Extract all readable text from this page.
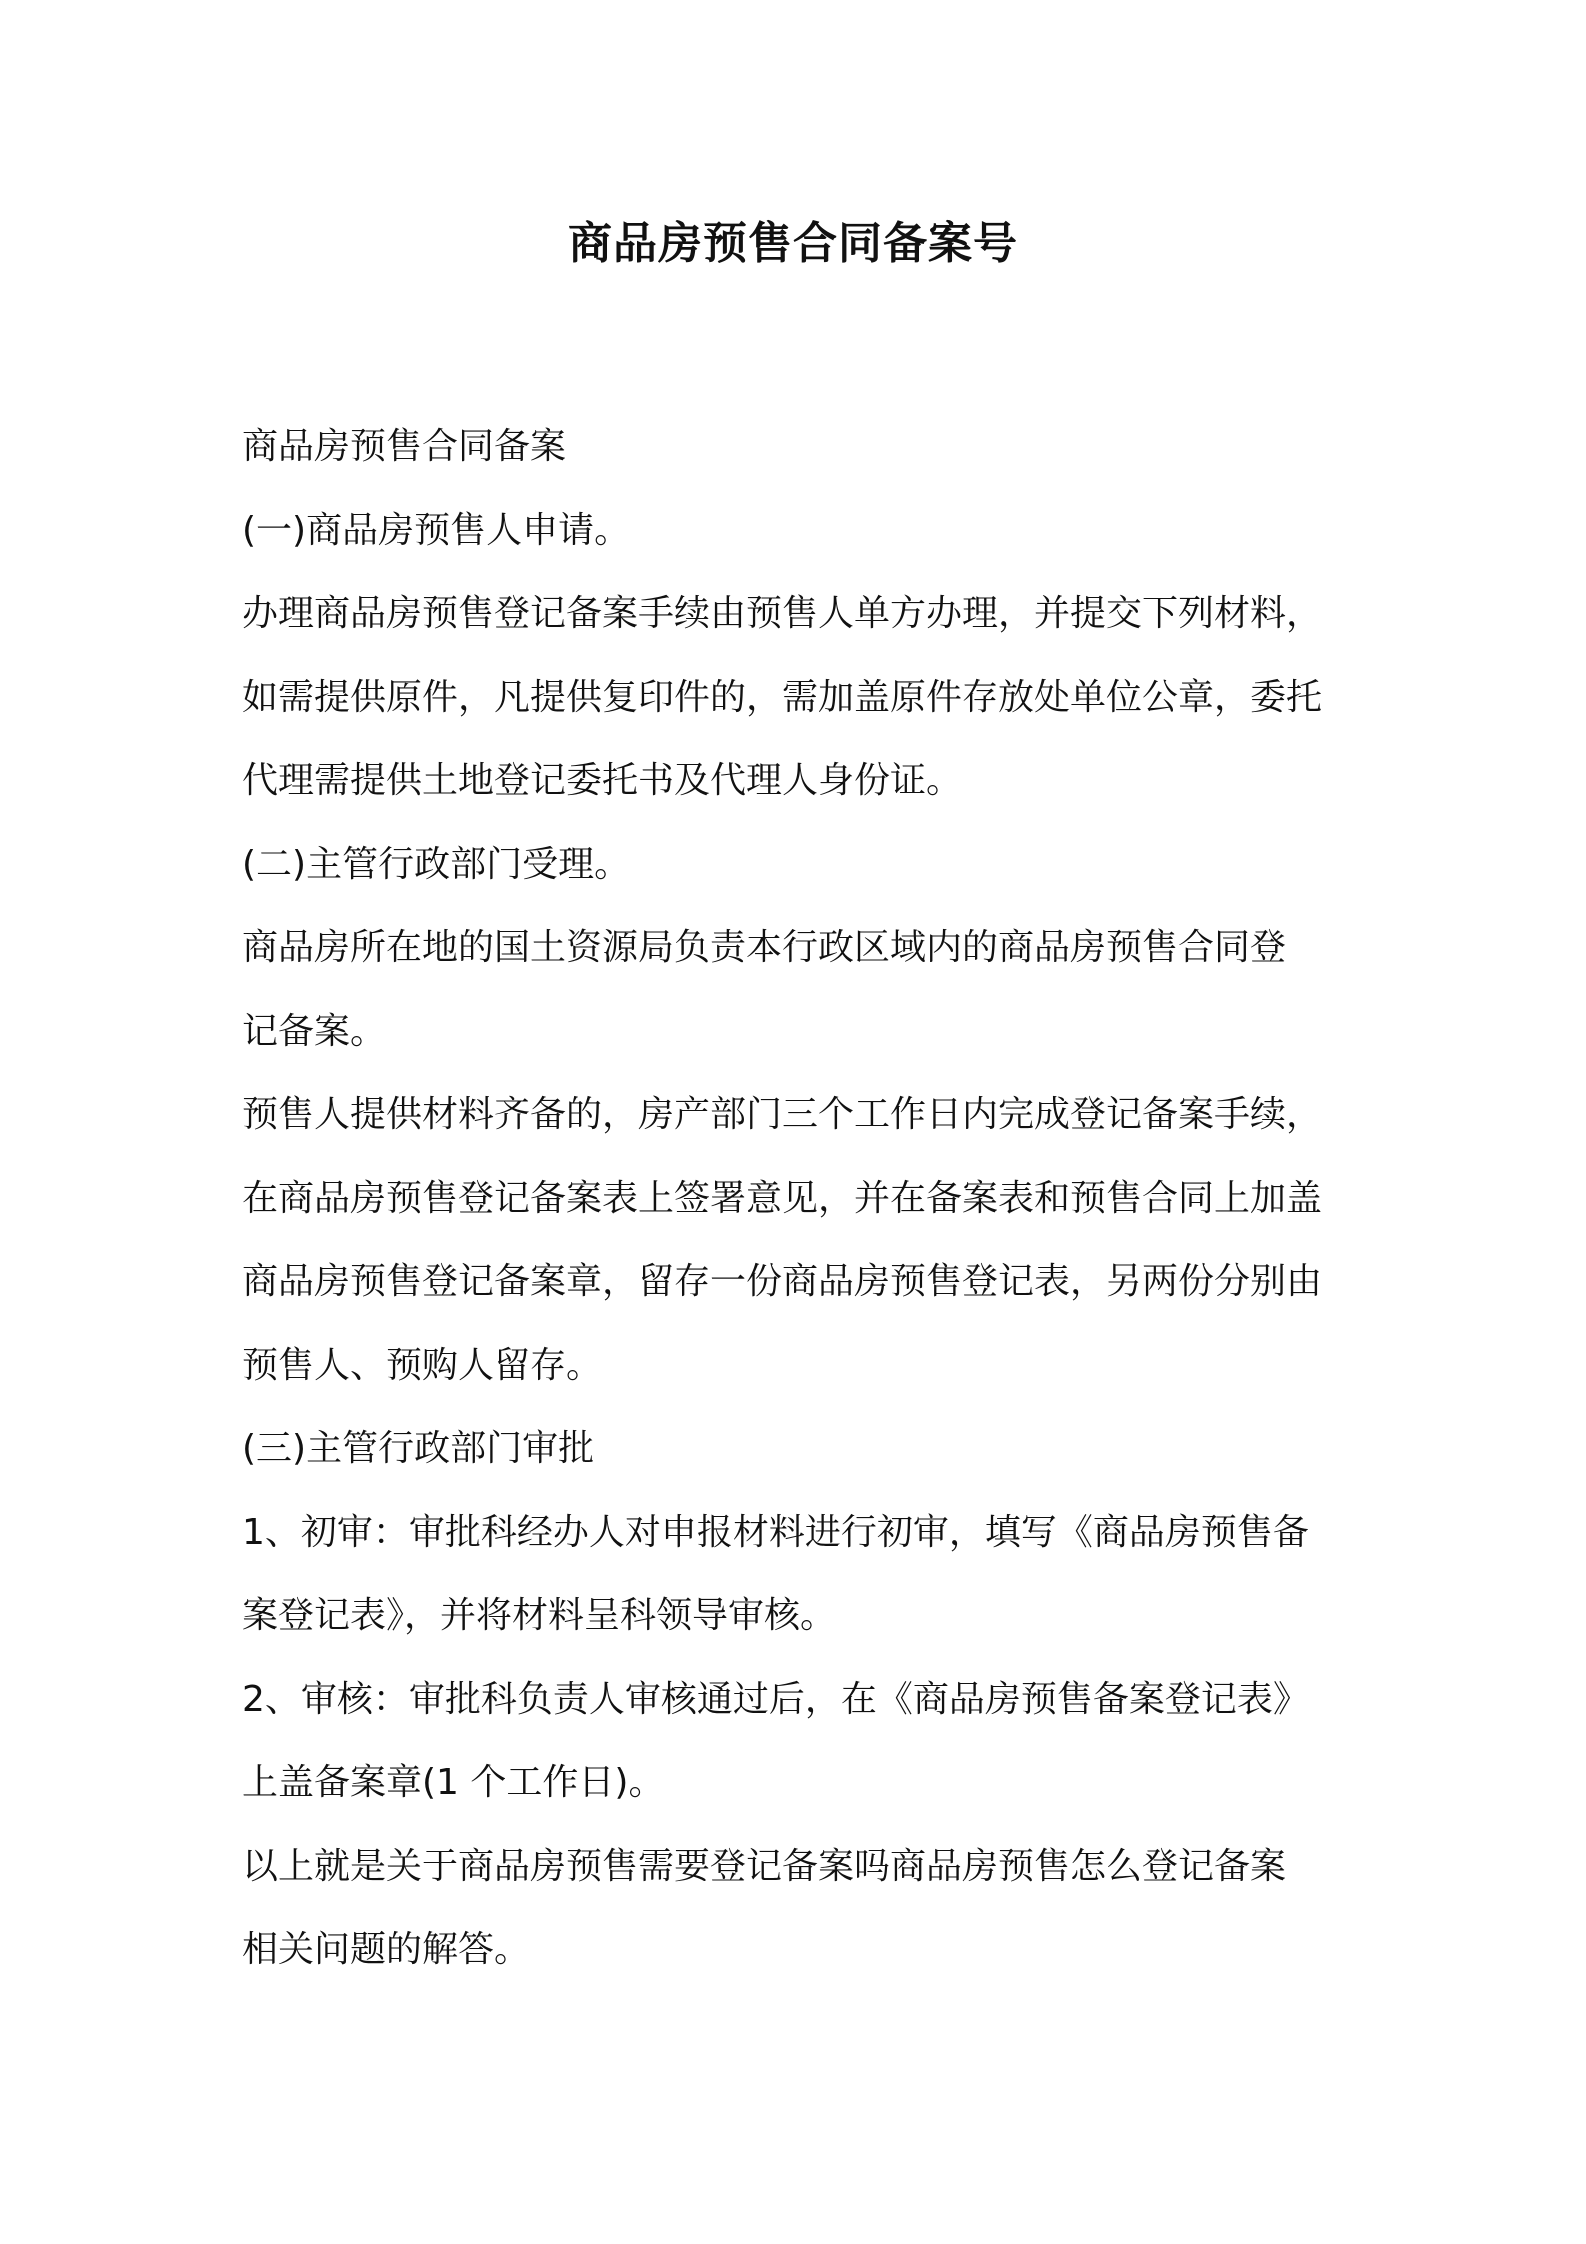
商品房预售合同备案号

商品房预售合同备案

(一)商品房预售人申请。

办理商品房预售登记备案手续由预售人单方办理，并提交下列材料，

如需提供原件，凡提供复印件的，需加盖原件存放处单位公章，委托

代理需提供土地登记委托书及代理人身份证。

(二)主管行政部门受理。

商品房所在地的国土资源局负责本行政区域内的商品房预售合同登

记备案。

预售人提供材料齐备的，房产部门三个工作日内完成登记备案手续，

在商品房预售登记备案表上签署意见，并在备案表和预售合同上加盖

商品房预售登记备案章，留存一份商品房预售登记表，另两份分别由

预售人、预购人留存。

(三)主管行政部门审批

1、初审：审批科经办人对申报材料进行初审，填写《商品房预售备

案登记表》，并将材料呈科领导审核。

2、审核：审批科负责人审核通过后，在《商品房预售备案登记表》

上盖备案章(1 个工作日)。

以上就是关于商品房预售需要登记备案吗商品房预售怎么登记备案

相关问题的解答。
